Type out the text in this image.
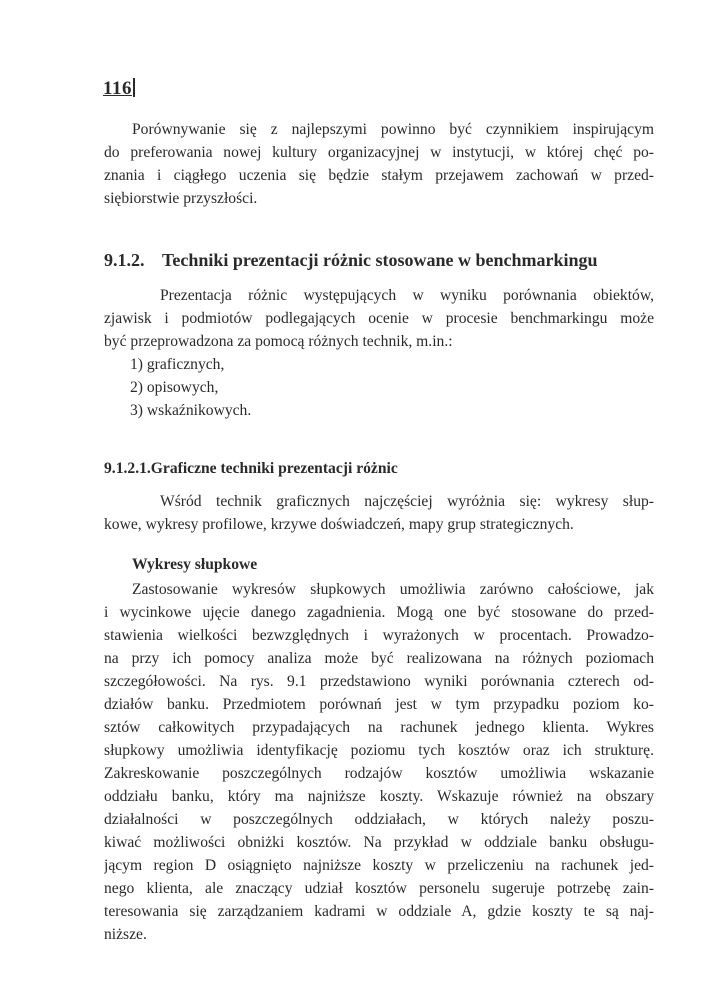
116
Porównywanie się z najlepszymi powinno być czynnikiem inspirującym
do preferowania nowej kultury organizacyjnej w instytucji, w której chęć po-
znania i ciągłego uczenia się będzie stałym przejawem zachowań w przed-
siębiorstwie przyszłości.
9.1.2. Techniki prezentacji różnic stosowane w benchmarkingu
Prezentacja różnic występujących w wyniku porównania obiektów,
zjawisk i podmiotów podlegających ocenie w procesie benchmarkingu może
być przeprowadzona za pomocą różnych technik, m.in.:
1) graficznych,
2) opisowych,
3) wskaźnikowych.
9.1.2.1.Graficzne techniki prezentacji różnic
Wśród technik graficznych najczęściej wyróżnia się: wykresy słup-
kowe, wykresy profilowe, krzywe doświadczeń, mapy grup strategicznych.
Wykresy słupkowe
Zastosowanie wykresów słupkowych umożliwia zarówno całościowe, jak
i wycinkowe ujęcie danego zagadnienia. Mogą one być stosowane do przed-
stawienia wielkości bezwzględnych i wyrażonych w procentach. Prowadzo-
na przy ich pomocy analiza może być realizowana na różnych poziomach
szczegółowości. Na rys. 9.1 przedstawiono wyniki porównania czterech od-
działów banku. Przedmiotem porównań jest w tym przypadku poziom ko-
sztów całkowitych przypadających na rachunek jednego klienta. Wykres
słupkowy umożliwia identyfikację poziomu tych kosztów oraz ich strukturę.
Zakreskowanie poszczególnych rodzajów kosztów umożliwia wskazanie
oddziału banku, który ma najniższe koszty. Wskazuje również na obszary
działalności w poszczególnych oddziałach, w których należy poszu-
kiwać możliwości obniżki kosztów. Na przykład w oddziale banku obsługu-
jącym region D osiągnięto najniższe koszty w przeliczeniu na rachunek jed-
nego klienta, ale znaczący udział kosztów personelu sugeruje potrzebę zain-
teresowania się zarządzaniem kadrami w oddziale A, gdzie koszty te są naj-
niższe.
